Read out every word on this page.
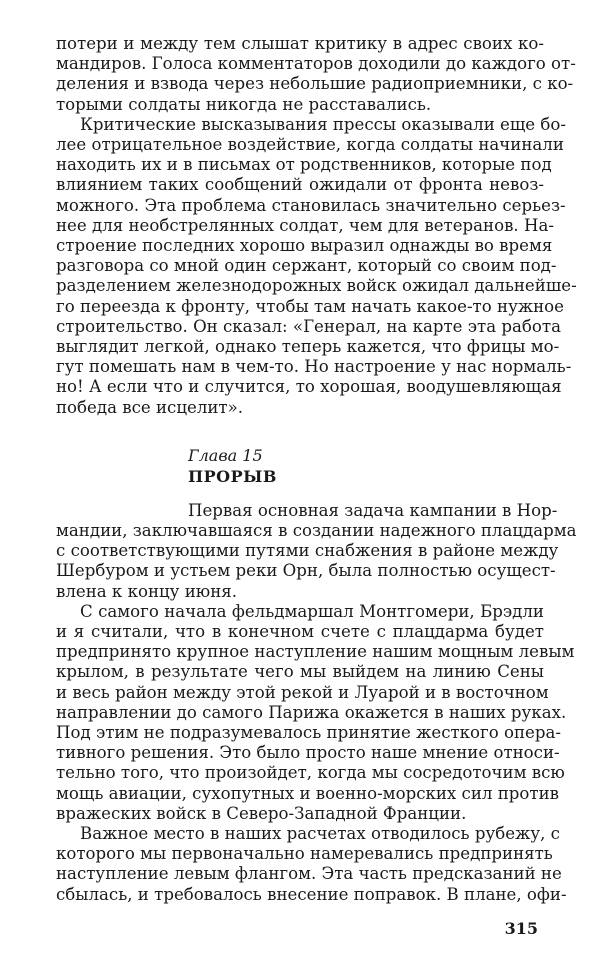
потери и между тем слышат критику в адрес своих ко-
мандиров. Голоса комментаторов доходили до каждого от-
деления и взвода через небольшие радиоприемники, с ко-
торыми солдаты никогда не расставались.
Критические высказывания прессы оказывали еще бо-
лее отрицательное воздействие, когда солдаты начинали
находить их и в письмах от родственников, которые под
влиянием таких сообщений ожидали от фронта невоз-
можного. Эта проблема становилась значительно серьез-
нее для необстрелянных солдат, чем для ветеранов. На-
строение последних хорошо выразил однажды во время
разговора со мной один сержант, который со своим под-
разделением железнодорожных войск ожидал дальнейше-
го переезда к фронту, чтобы там начать какое-то нужное
строительство. Он сказал: «Генерал, на карте эта работа
выглядит легкой, однако теперь кажется, что фрицы мо-
гут помешать нам в чем-то. Но настроение у нас нормаль-
но! А если что и случится, то хорошая, воодушевляющая
победа все исцелит».
Глава 15
ПРОРЫВ
Первая основная задача кампании в Нор-
мандии, заключавшаяся в создании надежного плацдарма
с соответствующими путями снабжения в районе между
Шербуром и устьем реки Орн, была полностью осущест-
влена к концу июня.
С самого начала фельдмаршал Монтгомери, Брэдли
и я считали, что в конечном счете с плацдарма будет
предпринято крупное наступление нашим мощным левым
крылом, в результате чего мы выйдем на линию Сены
и весь район между этой рекой и Луарой и в восточном
направлении до самого Парижа окажется в наших руках.
Под этим не подразумевалось принятие жесткого опера-
тивного решения. Это было просто наше мнение относи-
тельно того, что произойдет, когда мы сосредоточим всю
мощь авиации, сухопутных и военно-морских сил против
вражеских войск в Северо-Западной Франции.
Важное место в наших расчетах отводилось рубежу, с
которого мы первоначально намеревались предпринять
наступление левым флангом. Эта часть предсказаний не
сбылась, и требовалось внесение поправок. В плане, офи-
315
